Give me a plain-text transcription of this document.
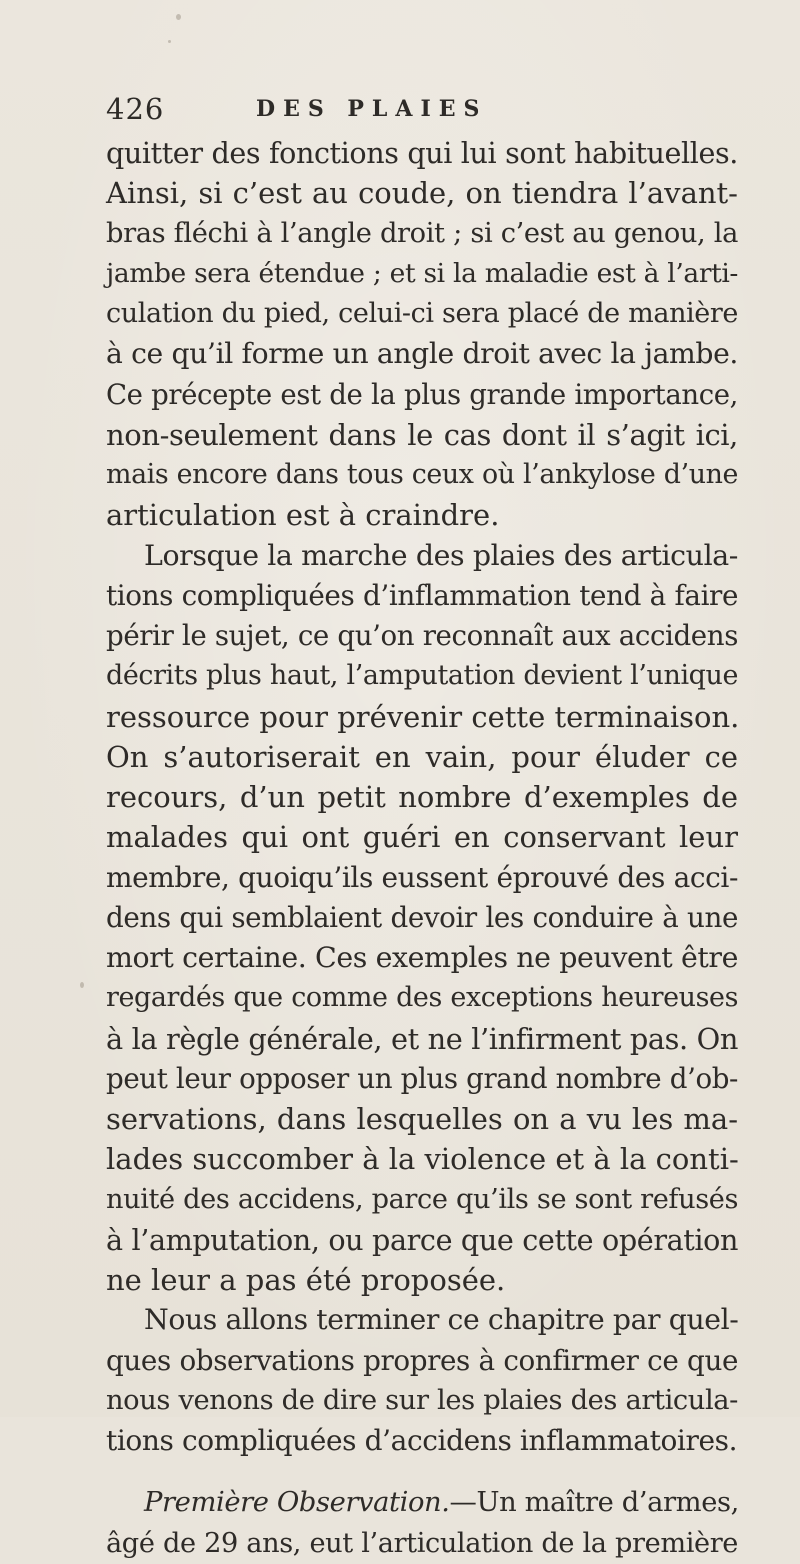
426	DES PLAIES
quitter des fonctions qui lui sont habituelles.
Ainsi, si c’est au coude, on tiendra l’avant-
bras fléchi à l’angle droit ; si c’est au genou, la
jambe sera étendue ; et si la maladie est à l’arti-
culation du pied, celui-ci sera placé de manière
à ce qu’il forme un angle droit avec la jambe.
Ce précepte est de la plus grande importance,
non-seulement dans le cas dont il s’agit ici,
mais encore dans tous ceux où l’ankylose d’une
articulation est à craindre.
Lorsque la marche des plaies des articula-
tions compliquées d’inflammation tend à faire
périr le sujet, ce qu’on reconnaît aux accidens
décrits plus haut, l’amputation devient l’unique
ressource pour prévenir cette terminaison.
On s’autoriserait en vain, pour éluder ce
recours, d’un petit nombre d’exemples de
malades qui ont guéri en conservant leur
membre, quoiqu’ils eussent éprouvé des acci-
dens qui semblaient devoir les conduire à une
mort certaine. Ces exemples ne peuvent être
regardés que comme des exceptions heureuses
à la règle générale, et ne l’infirment pas. On
peut leur opposer un plus grand nombre d’ob-
servations, dans lesquelles on a vu les ma-
lades succomber à la violence et à la conti-
nuité des accidens, parce qu’ils se sont refusés
à l’amputation, ou parce que cette opération
ne leur a pas été proposée.
Nous allons terminer ce chapitre par quel-
ques observations propres à confirmer ce que
nous venons de dire sur les plaies des articula-
tions compliquées d’accidens inflammatoires.
Première Observation.—Un maître d’armes,
âgé de 29 ans, eut l’articulation de la première
